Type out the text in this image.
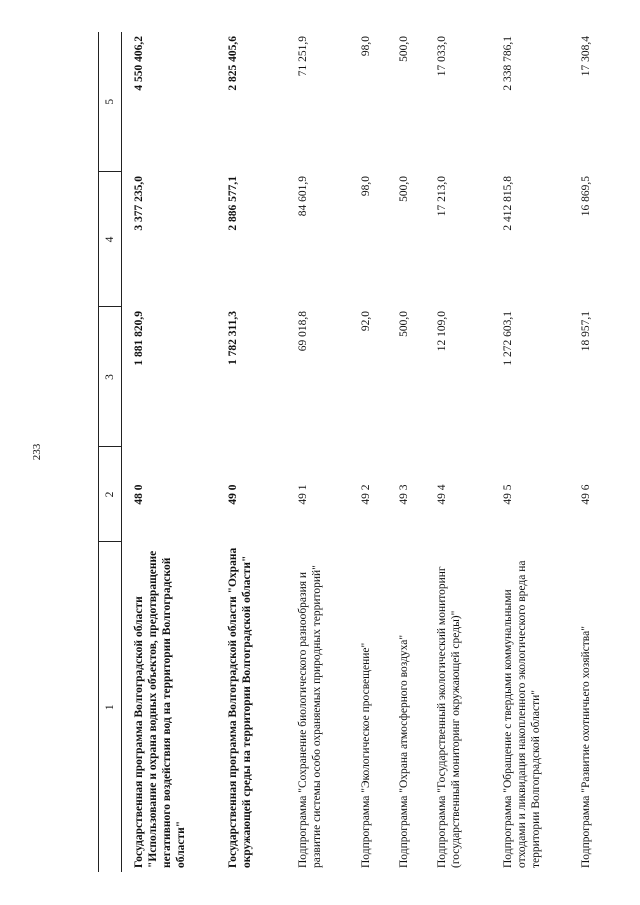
233
1	2	3	4	5
Государственная программа Волгоградской области "Использование и охрана водных объектов, предотвращение негативного воздействия вод на территории Волгоградской области"	48 0	1 881 820,9	3 377 235,0	4 550 406,2
Государственная программа Волгоградской области "Охрана окружающей среды на территории Волгоградской области"	49 0	1 782 311,3	2 886 577,1	2 825 405,6
Подпрограмма "Сохранение биологического разнообразия и развитие системы особо охраняемых природных территорий"	49 1	69 018,8	84 601,9	71 251,9
Подпрограмма "Экологическое просвещение"	49 2	92,0	98,0	98,0
Подпрограмма "Охрана атмосферного воздуха"	49 3	500,0	500,0	500,0
Подпрограмма "Государственный экологический мониторинг (государственный мониторинг окружающей среды)"	49 4	12 109,0	17 213,0	17 033,0
Подпрограмма "Обращение с твердыми коммунальными отходами и ликвидация накопленного экологического вреда на территории Волгоградской области"	49 5	1 272 603,1	2 412 815,8	2 338 786,1
Подпрограмма "Развитие охотничьего хозяйства"	49 6	18 957,1	16 869,5	17 308,4
